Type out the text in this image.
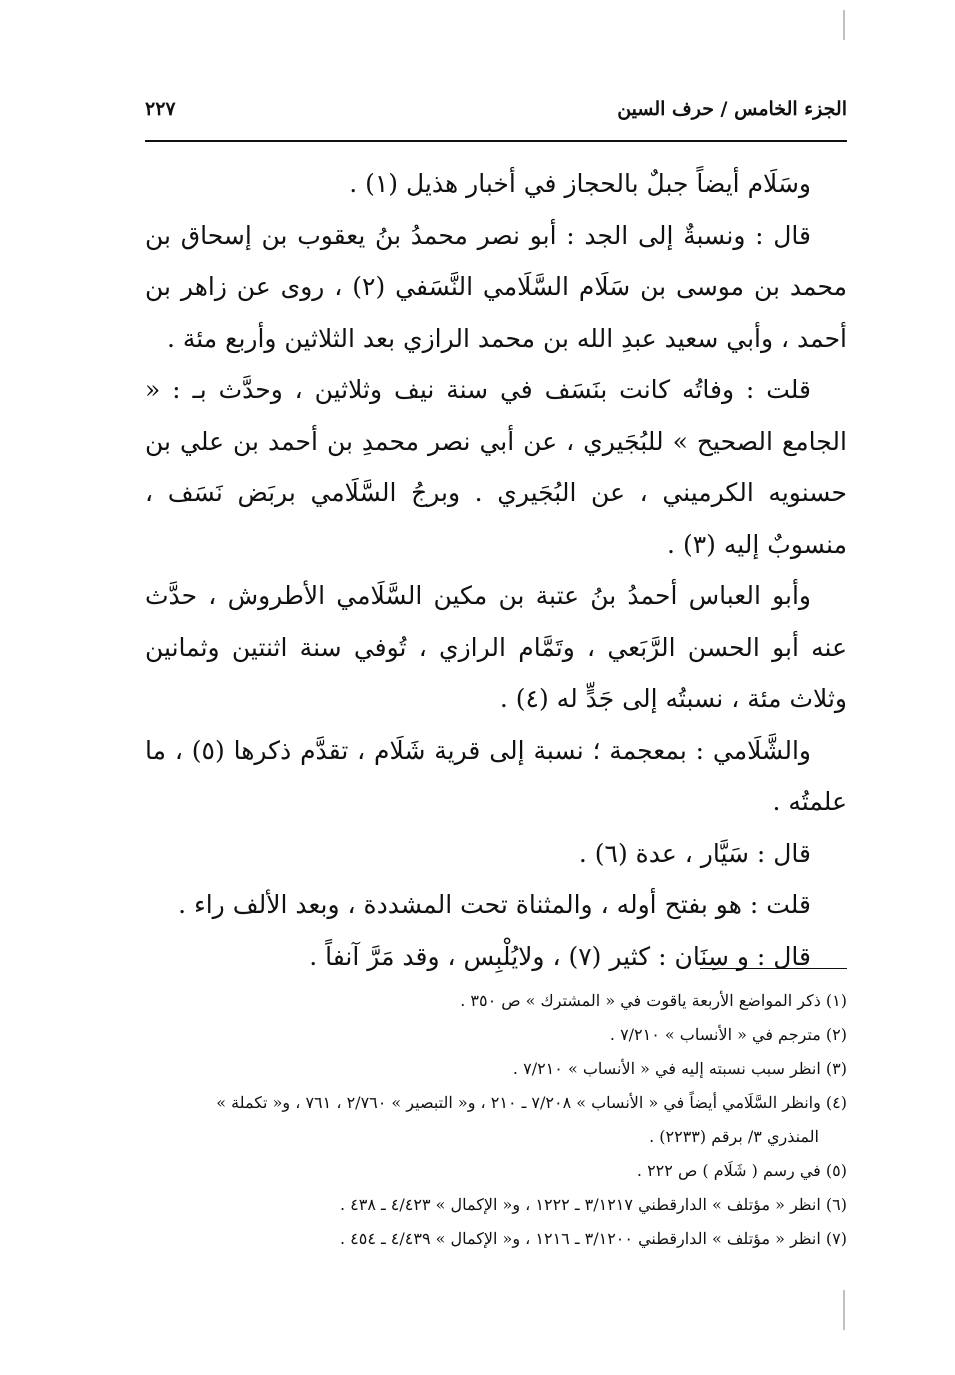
الجزء الخامس / حرف السين
٢٢٧

وسَلَام أيضاً جبلٌ بالحجاز في أخبار هذيل (١) .

قال : ونسبةٌ إلى الجد : أبو نصر محمدُ بنُ يعقوب بن إسحاق بن محمد بن موسى بن سَلَام السَّلَامي النَّسَفي (٢) ، روى عن زاهر بن أحمد ، وأبي سعيد عبدِ الله بن محمد الرازي بعد الثلاثين وأربع مئة .

قلت : وفاتُه كانت بنَسَف في سنة نيف وثلاثين ، وحدَّث بـ : « الجامع الصحيح » للبُجَيري ، عن أبي نصر محمدِ بن أحمد بن علي بن حسنويه الكرميني ، عن البُجَيري . وبرجُ السَّلَامي بربَض نَسَف ، منسوبٌ إليه (٣) .

وأبو العباس أحمدُ بنُ عتبة بن مكين السَّلَامي الأطروش ، حدَّث عنه أبو الحسن الرَّبَعي ، وتَمَّام الرازي ، تُوفي سنة اثنتين وثمانين وثلاث مئة ، نسبتُه إلى جَدٍّ له (٤) .

والشَّلَامي : بمعجمة ؛ نسبة إلى قرية شَلَام ، تقدَّم ذكرها (٥) ، ما علمتُه .

قال : سَيَّار ، عدة (٦) .

قلت : هو بفتح أوله ، والمثناة تحت المشددة ، وبعد الألف راء .

قال : و سِنَان : كثير (٧) ، ولايُلْبِس ، وقد مَرَّ آنفاً .

(١) ذكر المواضع الأربعة ياقوت في « المشترك » ص ٣٥٠ .

(٢) مترجم في « الأنساب » ٧/٢١٠ .

(٣) انظر سبب نسبته إليه في « الأنساب » ٧/٢١٠ .

(٤) وانظر السَّلَامي أيضاً في « الأنساب » ٧/٢٠٨ ـ ٢١٠ ، و« التبصير » ٢/٧٦٠ ، ٧٦١ ، و« تكملة »

المنذري ٣/ برقم (٢٢٣٣) .

(٥) في رسم ( شَلَام ) ص ٢٢٢ .

(٦) انظر « مؤتلف » الدارقطني ٣/١٢١٧ ـ ١٢٢٢ ، و« الإكمال » ٤/٤٢٣ ـ ٤٣٨ .

(٧) انظر « مؤتلف » الدارقطني ٣/١٢٠٠ ـ ١٢١٦ ، و« الإكمال » ٤/٤٣٩ ـ ٤٥٤ .
